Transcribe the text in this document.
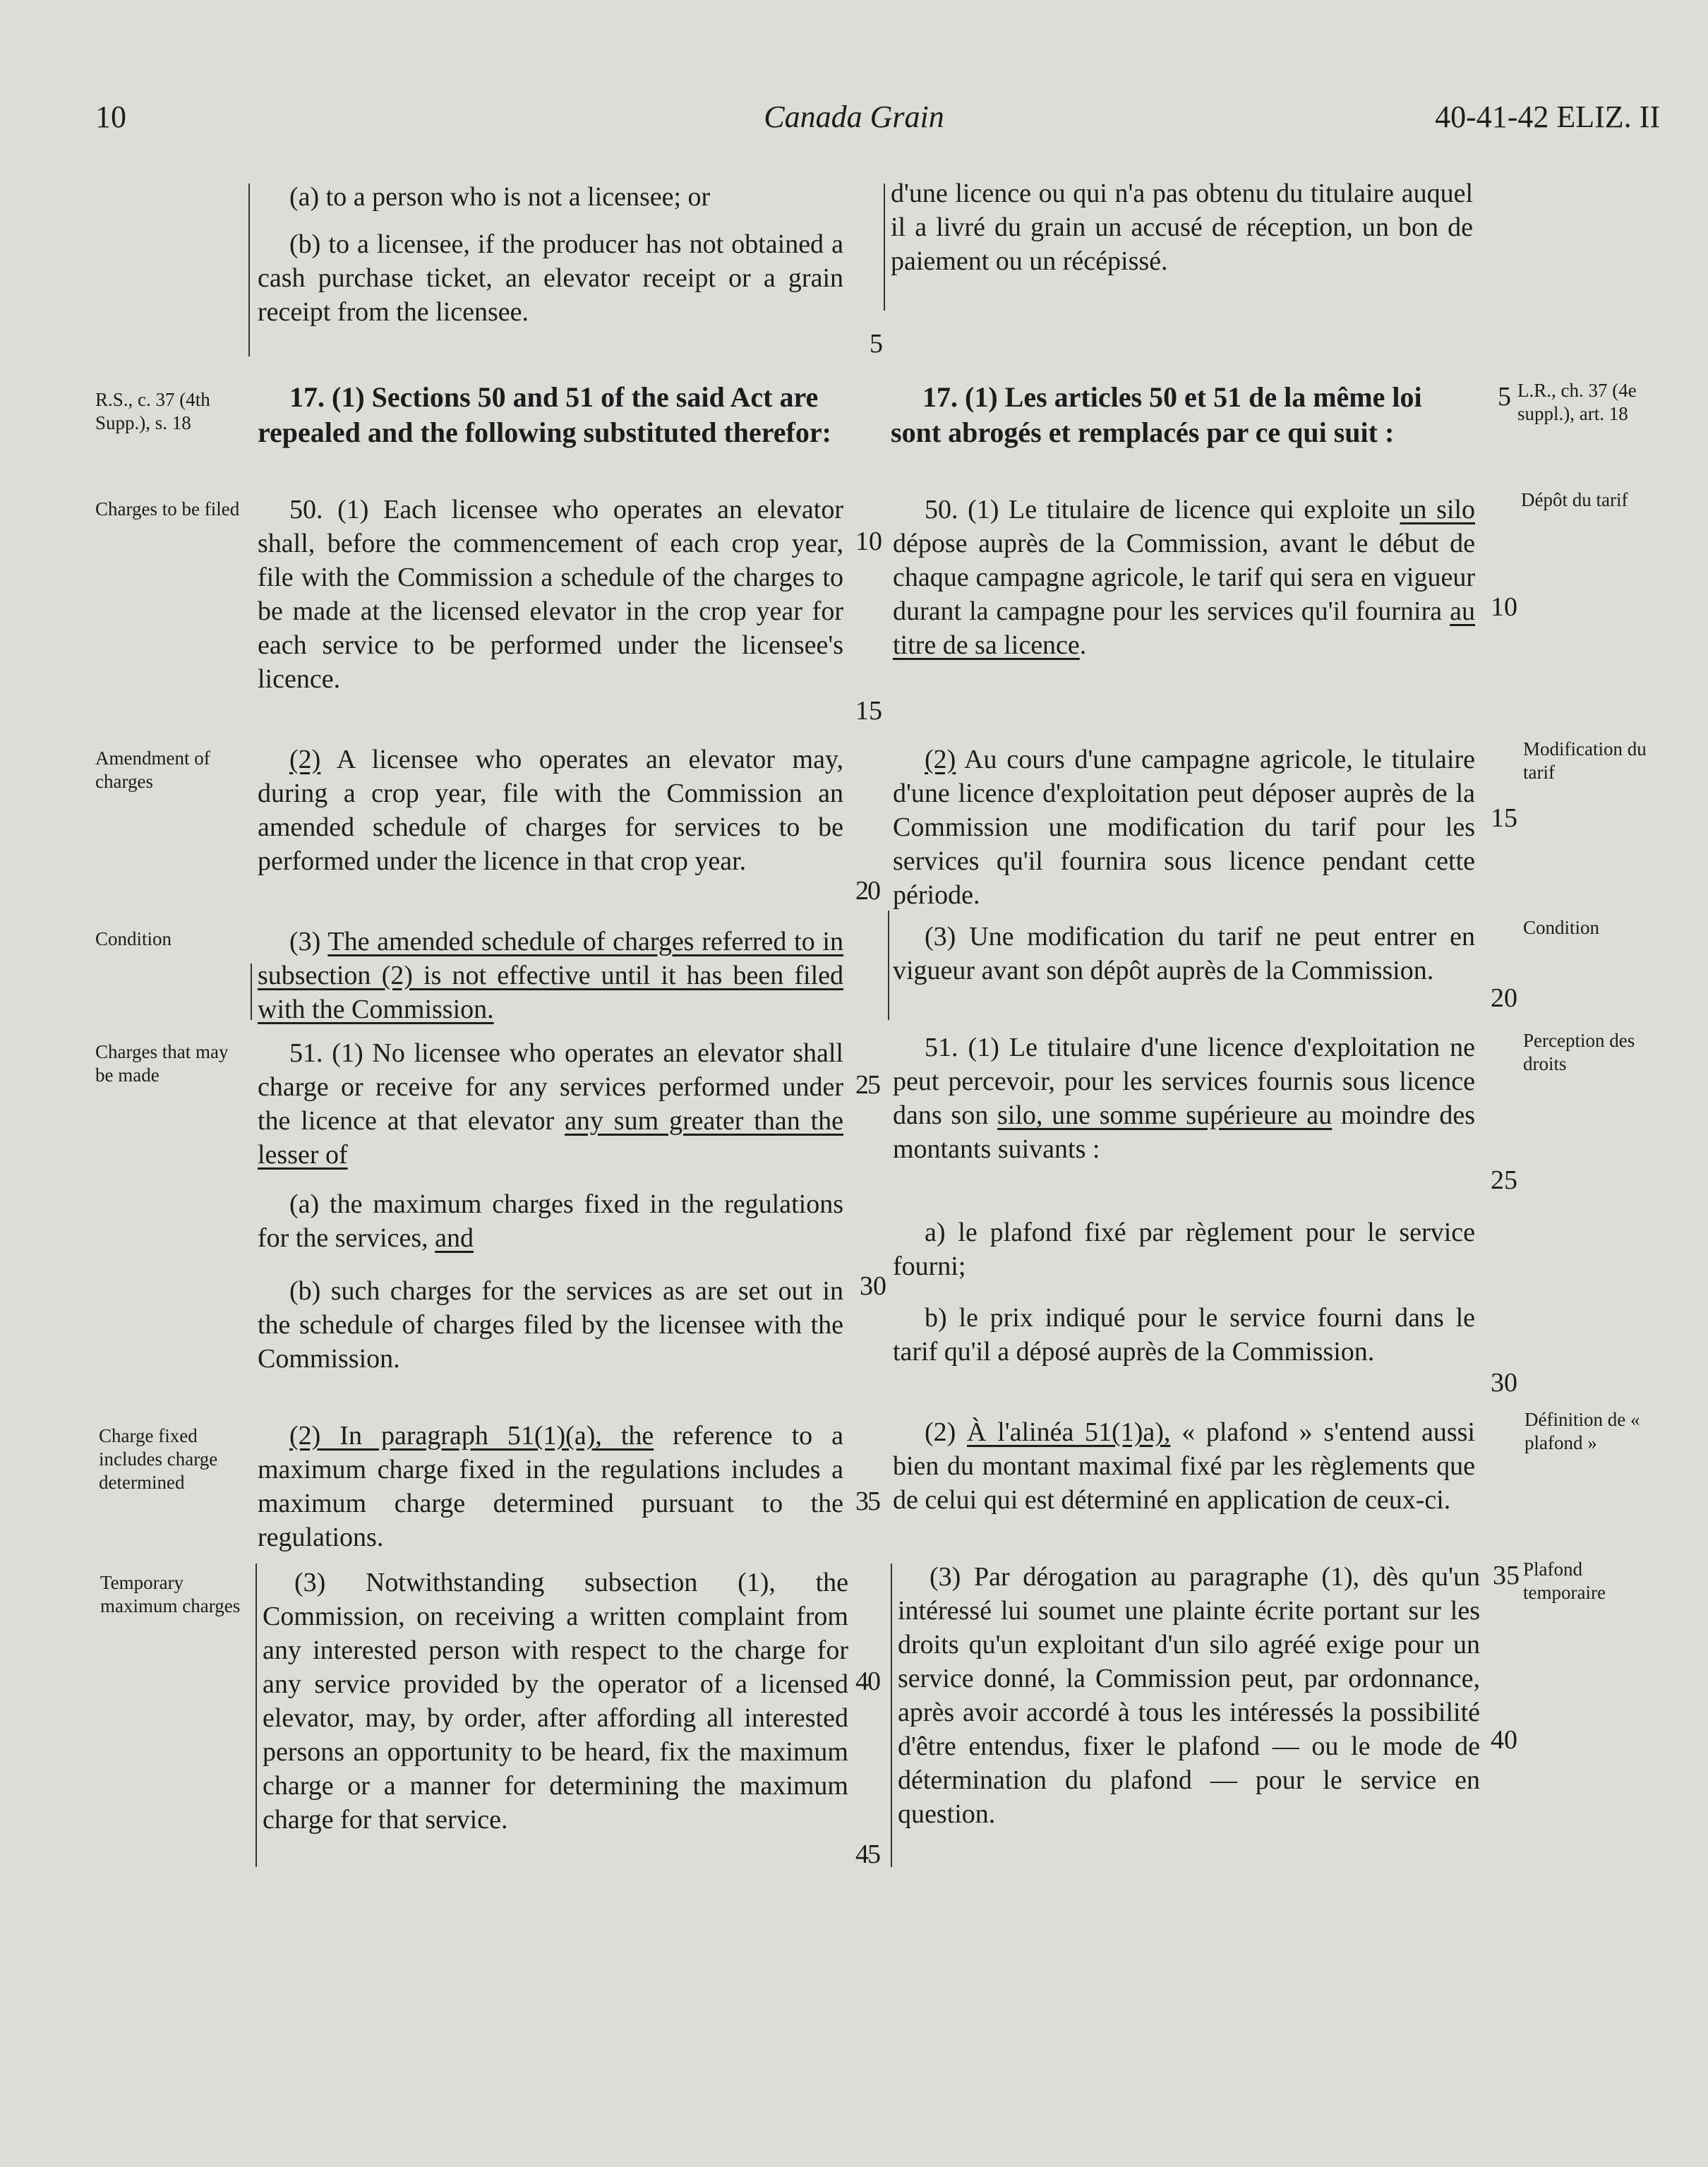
10	Canada Grain	40-41-42 ELIZ. II
(a) to a person who is not a licensee; or
(b) to a licensee, if the producer has not obtained a cash purchase ticket, an elevator receipt or a grain receipt from the licensee.
17. (1) Sections 50 and 51 of the said Act are repealed and the following substituted therefor:
50. (1) Each licensee who operates an elevator shall, before the commencement of each crop year, file with the Commission a schedule of the charges to be made at the licensed elevator in the crop year for each service to be performed under the licensee's licence.
(2) A licensee who operates an elevator may, during a crop year, file with the Commission an amended schedule of charges for services to be performed under the licence in that crop year.
(3) The amended schedule of charges referred to in subsection (2) is not effective until it has been filed with the Commission.
51. (1) No licensee who operates an elevator shall charge or receive for any services performed under the licence at that elevator any sum greater than the lesser of
(a) the maximum charges fixed in the regulations for the services, and
(b) such charges for the services as are set out in the schedule of charges filed by the licensee with the Commission.
(2) In paragraph 51(1)(a), the reference to a maximum charge fixed in the regulations includes a maximum charge determined pursuant to the regulations.
(3) Notwithstanding subsection (1), the Commission, on receiving a written complaint from any interested person with respect to the charge for any service provided by the operator of a licensed elevator, may, by order, after affording all interested persons an opportunity to be heard, fix the maximum charge or a manner for determining the maximum charge for that service.
5
10
15
20
25
30
35
40
45
d'une licence ou qui n'a pas obtenu du titulaire auquel il a livré du grain un accusé de réception, un bon de paiement ou un récépissé.
17. (1) Les articles 50 et 51 de la même loi sont abrogés et remplacés par ce qui suit :
50. (1) Le titulaire de licence qui exploite un silo dépose auprès de la Commission, avant le début de chaque campagne agricole, le tarif qui sera en vigueur durant la campagne pour les services qu'il fournira au titre de sa licence.
(2) Au cours d'une campagne agricole, le titulaire d'une licence d'exploitation peut déposer auprès de la Commission une modification du tarif pour les services qu'il fournira sous licence pendant cette période.
(3) Une modification du tarif ne peut entrer en vigueur avant son dépôt auprès de la Commission.
51. (1) Le titulaire d'une licence d'exploitation ne peut percevoir, pour les services fournis sous licence dans son silo, une somme supérieure au moindre des montants suivants :
a) le plafond fixé par règlement pour le service fourni;
b) le prix indiqué pour le service fourni dans le tarif qu'il a déposé auprès de la Commission.
(2) À l'alinéa 51(1)a), « plafond » s'entend aussi bien du montant maximal fixé par les règlements que de celui qui est déterminé en application de ceux-ci.
(3) Par dérogation au paragraphe (1), dès qu'un intéressé lui soumet une plainte écrite portant sur les droits qu'un exploitant d'un silo agréé exige pour un service donné, la Commission peut, par ordonnance, après avoir accordé à tous les intéressés la possibilité d'être entendus, fixer le plafond — ou le mode de détermination du plafond — pour le service en question.
5
10
15
20
25
30
35
40
R.S., c. 37 (4th Supp.), s. 18
Charges to be filed
Amendment of charges
Condition
Charges that may be made
Charge fixed includes charge determined
Temporary maximum charges
L.R., ch. 37 (4e suppl.), art. 18
Dépôt du tarif
Modification du tarif
Condition
Perception des droits
Définition de « plafond »
Plafond temporaire
